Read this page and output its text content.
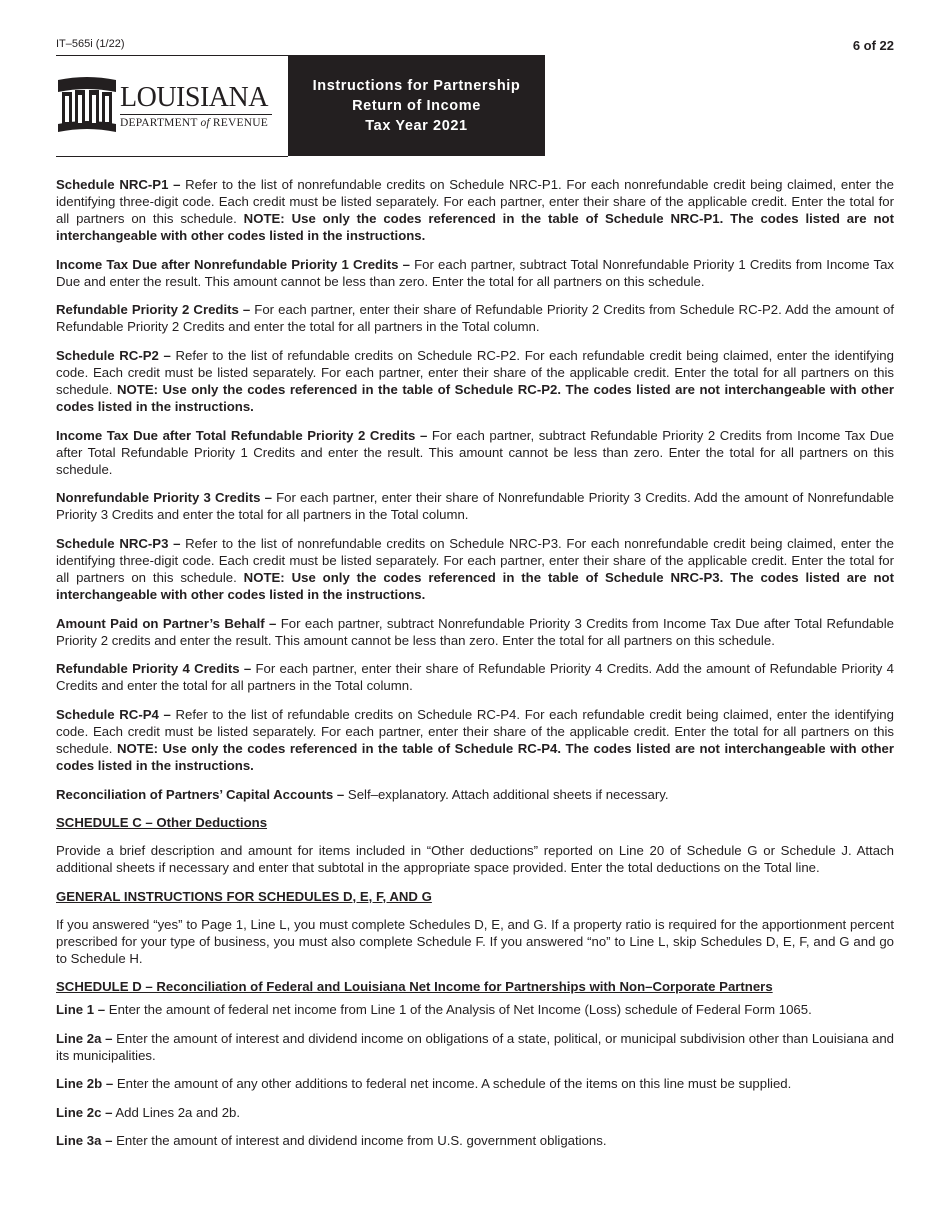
IT–565i (1/22)	6 of 22
LOUISIANA
DEPARTMENT of REVENUE
Instructions for Partnership
Return of Income
Tax Year 2021

Schedule NRC-P1 – Refer to the list of nonrefundable credits on Schedule NRC-P1. For each nonrefundable credit being claimed, enter the identifying three-digit code. Each credit must be listed separately. For each partner, enter their share of the applicable credit. Enter the total for all partners on this schedule. NOTE: Use only the codes referenced in the table of Schedule NRC-P1. The codes listed are not interchangeable with other codes listed in the instructions.

Income Tax Due after Nonrefundable Priority 1 Credits – For each partner, subtract Total Nonrefundable Priority 1 Credits from Income Tax Due and enter the result. This amount cannot be less than zero. Enter the total for all partners on this schedule.

Refundable Priority 2 Credits – For each partner, enter their share of Refundable Priority 2 Credits from Schedule RC-P2. Add the amount of Refundable Priority 2 Credits and enter the total for all partners in the Total column.

Schedule RC-P2 – Refer to the list of refundable credits on Schedule RC-P2. For each refundable credit being claimed, enter the identifying code. Each credit must be listed separately. For each partner, enter their share of the applicable credit. Enter the total for all partners on this schedule. NOTE: Use only the codes referenced in the table of Schedule RC-P2. The codes listed are not interchangeable with other codes listed in the instructions.

Income Tax Due after Total Refundable Priority 2 Credits – For each partner, subtract Refundable Priority 2 Credits from Income Tax Due after Total Refundable Priority 1 Credits and enter the result. This amount cannot be less than zero. Enter the total for all partners on this schedule.

Nonrefundable Priority 3 Credits – For each partner, enter their share of Nonrefundable Priority 3 Credits. Add the amount of Nonrefundable Priority 3 Credits and enter the total for all partners in the Total column.

Schedule NRC-P3 – Refer to the list of nonrefundable credits on Schedule NRC-P3. For each nonrefundable credit being claimed, enter the identifying three-digit code. Each credit must be listed separately. For each partner, enter their share of the applicable credit. Enter the total for all partners on this schedule. NOTE: Use only the codes referenced in the table of Schedule NRC-P3. The codes listed are not interchangeable with other codes listed in the instructions.

Amount Paid on Partner’s Behalf – For each partner, subtract Nonrefundable Priority 3 Credits from Income Tax Due after Total Refundable Priority 2 credits and enter the result. This amount cannot be less than zero. Enter the total for all partners on this schedule.

Refundable Priority 4 Credits – For each partner, enter their share of Refundable Priority 4 Credits. Add the amount of Refundable Priority 4 Credits and enter the total for all partners in the Total column.

Schedule RC-P4 – Refer to the list of refundable credits on Schedule RC-P4. For each refundable credit being claimed, enter the identifying code. Each credit must be listed separately. For each partner, enter their share of the applicable credit. Enter the total for all partners on this schedule. NOTE: Use only the codes referenced in the table of Schedule RC-P4. The codes listed are not interchangeable with other codes listed in the instructions.

Reconciliation of Partners’ Capital Accounts – Self–explanatory. Attach additional sheets if necessary.

SCHEDULE C – Other Deductions

Provide a brief description and amount for items included in “Other deductions” reported on Line 20 of Schedule G or Schedule J. Attach additional sheets if necessary and enter that subtotal in the appropriate space provided. Enter the total deductions on the Total line.

GENERAL INSTRUCTIONS FOR SCHEDULES D, E, F, AND G

If you answered “yes” to Page 1, Line L, you must complete Schedules D, E, and G. If a property ratio is required for the apportionment percent prescribed for your type of business, you must also complete Schedule F. If you answered “no” to Line L, skip Schedules D, E, F, and G and go to Schedule H.

SCHEDULE D – Reconciliation of Federal and Louisiana Net Income for Partnerships with Non–Corporate Partners

Line 1 – Enter the amount of federal net income from Line 1 of the Analysis of Net Income (Loss) schedule of Federal Form 1065.

Line 2a – Enter the amount of interest and dividend income on obligations of a state, political, or municipal subdivision other than Louisiana and its municipalities.

Line 2b – Enter the amount of any other additions to federal net income. A schedule of the items on this line must be supplied.

Line 2c – Add Lines 2a and 2b.

Line 3a – Enter the amount of interest and dividend income from U.S. government obligations.
